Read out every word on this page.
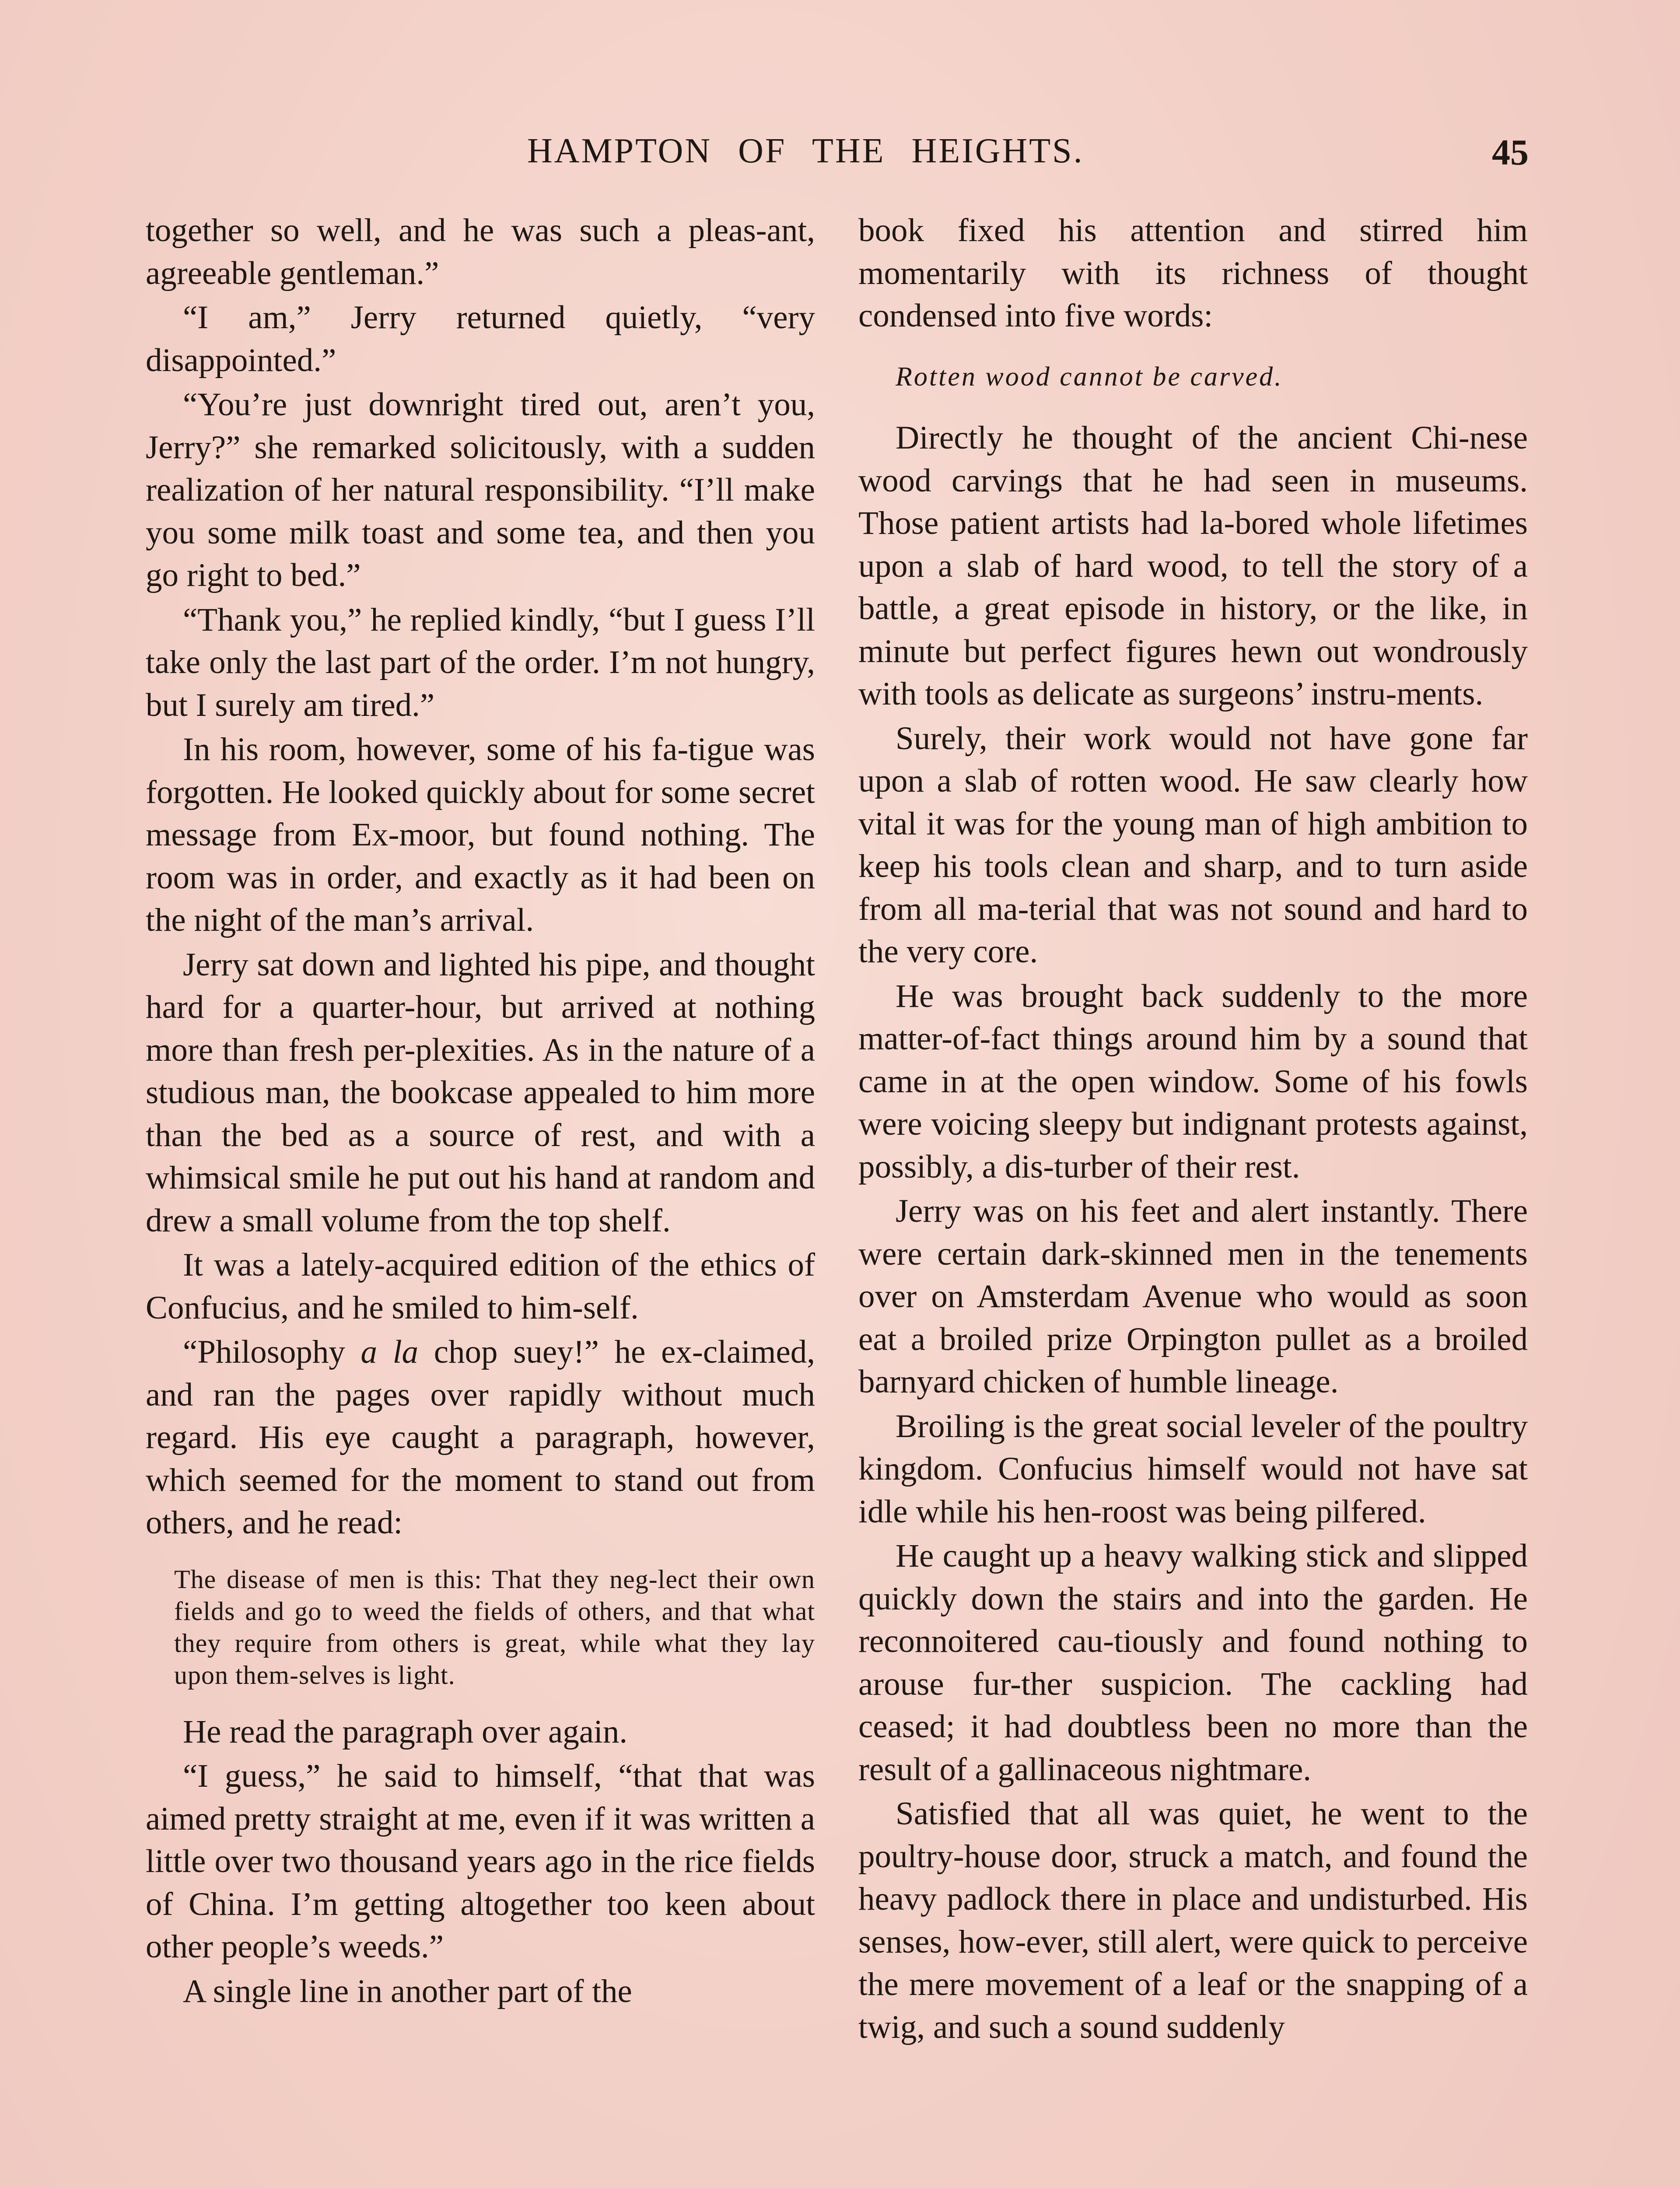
HAMPTON OF THE HEIGHTS.	45

together so well, and he was such a pleas-ant, agreeable gentleman.”

“I am,” Jerry returned quietly, “very disappointed.”

“You’re just downright tired out, aren’t you, Jerry?” she remarked solicitously, with a sudden realization of her natural responsibility. “I’ll make you some milk toast and some tea, and then you go right to bed.”

“Thank you,” he replied kindly, “but I guess I’ll take only the last part of the order. I’m not hungry, but I surely am tired.”

In his room, however, some of his fa-tigue was forgotten. He looked quickly about for some secret message from Ex-moor, but found nothing. The room was in order, and exactly as it had been on the night of the man’s arrival.

Jerry sat down and lighted his pipe, and thought hard for a quarter-hour, but arrived at nothing more than fresh per-plexities. As in the nature of a studious man, the bookcase appealed to him more than the bed as a source of rest, and with a whimsical smile he put out his hand at random and drew a small volume from the top shelf.

It was a lately-acquired edition of the ethics of Confucius, and he smiled to him-self.

“Philosophy a la chop suey!” he ex-claimed, and ran the pages over rapidly without much regard. His eye caught a paragraph, however, which seemed for the moment to stand out from others, and he read:

The disease of men is this: That they neg-lect their own fields and go to weed the fields of others, and that what they require from others is great, while what they lay upon them-selves is light.

He read the paragraph over again.

“I guess,” he said to himself, “that that was aimed pretty straight at me, even if it was written a little over two thousand years ago in the rice fields of China. I’m getting altogether too keen about other people’s weeds.”

A single line in another part of the

book fixed his attention and stirred him momentarily with its richness of thought condensed into five words:

Rotten wood cannot be carved.

Directly he thought of the ancient Chi-nese wood carvings that he had seen in museums. Those patient artists had la-bored whole lifetimes upon a slab of hard wood, to tell the story of a battle, a great episode in history, or the like, in minute but perfect figures hewn out wondrously with tools as delicate as surgeons’ instru-ments.

Surely, their work would not have gone far upon a slab of rotten wood. He saw clearly how vital it was for the young man of high ambition to keep his tools clean and sharp, and to turn aside from all ma-terial that was not sound and hard to the very core.

He was brought back suddenly to the more matter-of-fact things around him by a sound that came in at the open window. Some of his fowls were voicing sleepy but indignant protests against, possibly, a dis-turber of their rest.

Jerry was on his feet and alert instantly. There were certain dark-skinned men in the tenements over on Amsterdam Avenue who would as soon eat a broiled prize Orpington pullet as a broiled barnyard chicken of humble lineage.

Broiling is the great social leveler of the poultry kingdom. Confucius himself would not have sat idle while his hen-roost was being pilfered.

He caught up a heavy walking stick and slipped quickly down the stairs and into the garden. He reconnoitered cau-tiously and found nothing to arouse fur-ther suspicion. The cackling had ceased; it had doubtless been no more than the result of a gallinaceous nightmare.

Satisfied that all was quiet, he went to the poultry-house door, struck a match, and found the heavy padlock there in place and undisturbed. His senses, how-ever, still alert, were quick to perceive the mere movement of a leaf or the snapping of a twig, and such a sound suddenly
